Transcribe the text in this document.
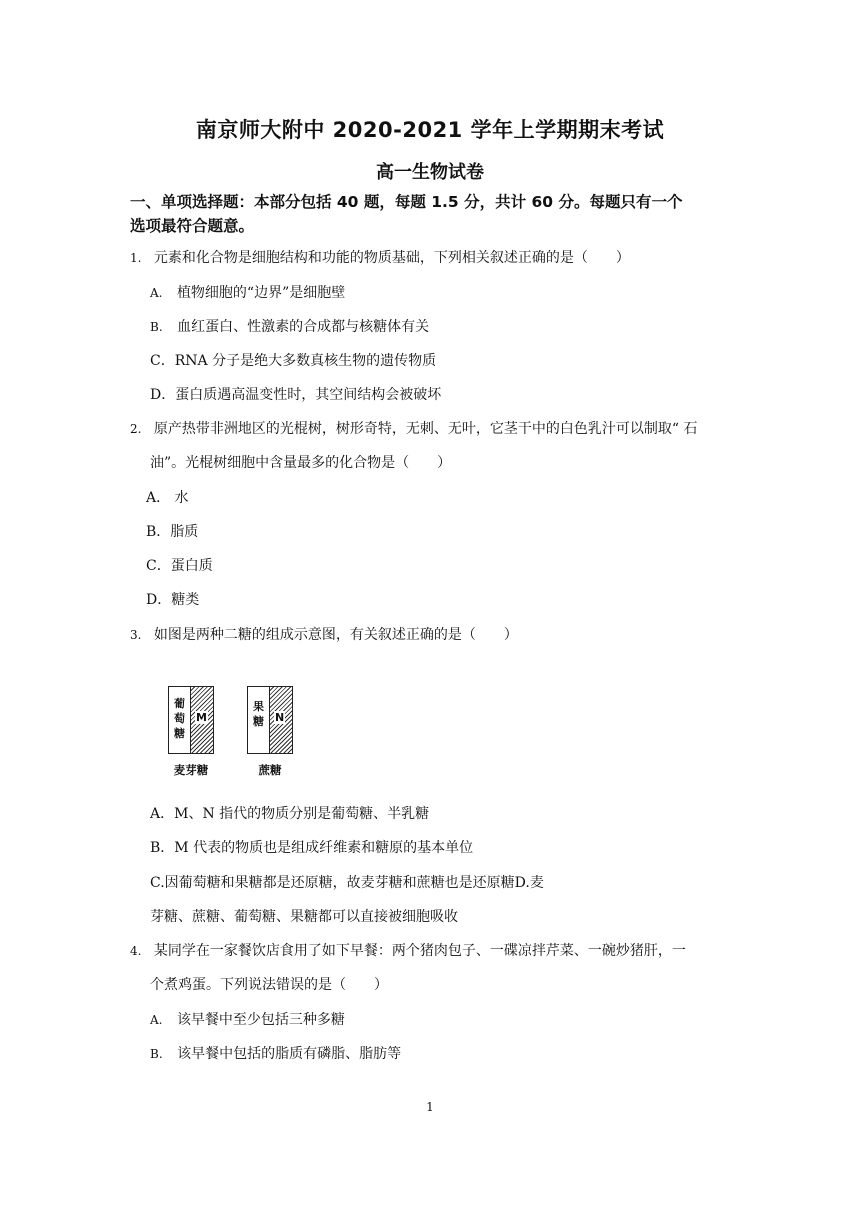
南京师大附中 2020-2021 学年上学期期末考试
高一生物试卷
一、单项选择题：本部分包括 40 题，每题 1.5 分，共计 60 分。每题只有一个
选项最符合题意。
1. 元素和化合物是细胞结构和功能的物质基础，下列相关叙述正确的是（　　）
A. 植物细胞的“边界”是细胞壁
B. 血红蛋白、性激素的合成都与核糖体有关
C．RNA 分子是绝大多数真核生物的遗传物质
D．蛋白质遇高温变性时，其空间结构会被破坏
2. 原产热带非洲地区的光棍树，树形奇特，无刺、无叶，它茎干中的白色乳汁可以制取“ 石
油”。光棍树细胞中含量最多的化合物是（　　）
A． 水
B．脂质
C．蛋白质
D．糖类
3. 如图是两种二糖的组成示意图，有关叙述正确的是（　　）
葡
萄
糖
M
麦芽糖
果
糖	N
蔗糖
A．M、N 指代的物质分别是葡萄糖、半乳糖
B．M 代表的物质也是组成纤维素和糖原的基本单位
C.因葡萄糖和果糖都是还原糖，故麦芽糖和蔗糖也是还原糖D.麦
芽糖、蔗糖、葡萄糖、果糖都可以直接被细胞吸收
4. 某同学在一家餐饮店食用了如下早餐：两个猪肉包子、一碟凉拌芹菜、一碗炒猪肝，一
个煮鸡蛋。下列说法错误的是（　　）
A. 该早餐中至少包括三种多糖
B. 该早餐中包括的脂质有磷脂、脂肪等
1
